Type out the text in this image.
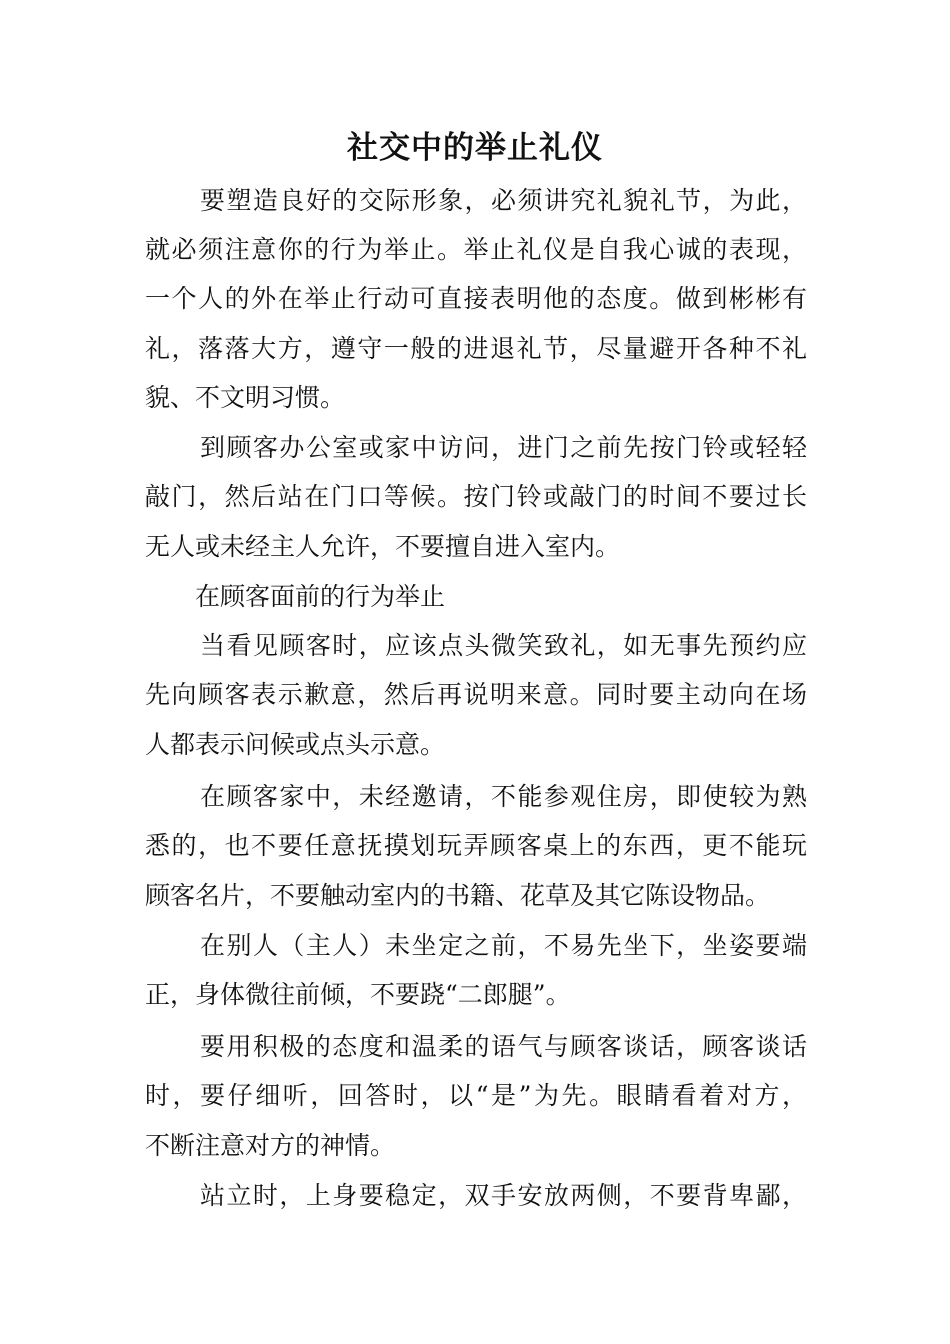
社交中的举止礼仪
要塑造良好的交际形象，必须讲究礼貌礼节，为此，
就必须注意你的行为举止。举止礼仪是自我心诚的表现，
一个人的外在举止行动可直接表明他的态度。做到彬彬有
礼，落落大方，遵守一般的进退礼节，尽量避开各种不礼
貌、不文明习惯。
到顾客办公室或家中访问，进门之前先按门铃或轻轻
敲门，然后站在门口等候。按门铃或敲门的时间不要过长
无人或未经主人允许，不要擅自进入室内。
在顾客面前的行为举止
当看见顾客时，应该点头微笑致礼，如无事先预约应
先向顾客表示歉意，然后再说明来意。同时要主动向在场
人都表示问候或点头示意。
在顾客家中，未经邀请，不能参观住房，即使较为熟
悉的，也不要任意抚摸划玩弄顾客桌上的东西，更不能玩
顾客名片，不要触动室内的书籍、花草及其它陈设物品。
在别人（主人）未坐定之前，不易先坐下，坐姿要端
正，身体微往前倾，不要跷“二郎腿”。
要用积极的态度和温柔的语气与顾客谈话，顾客谈话
时，要仔细听，回答时，以“是”为先。眼睛看着对方，
不断注意对方的神情。
站立时，上身要稳定，双手安放两侧，不要背卑鄙，
